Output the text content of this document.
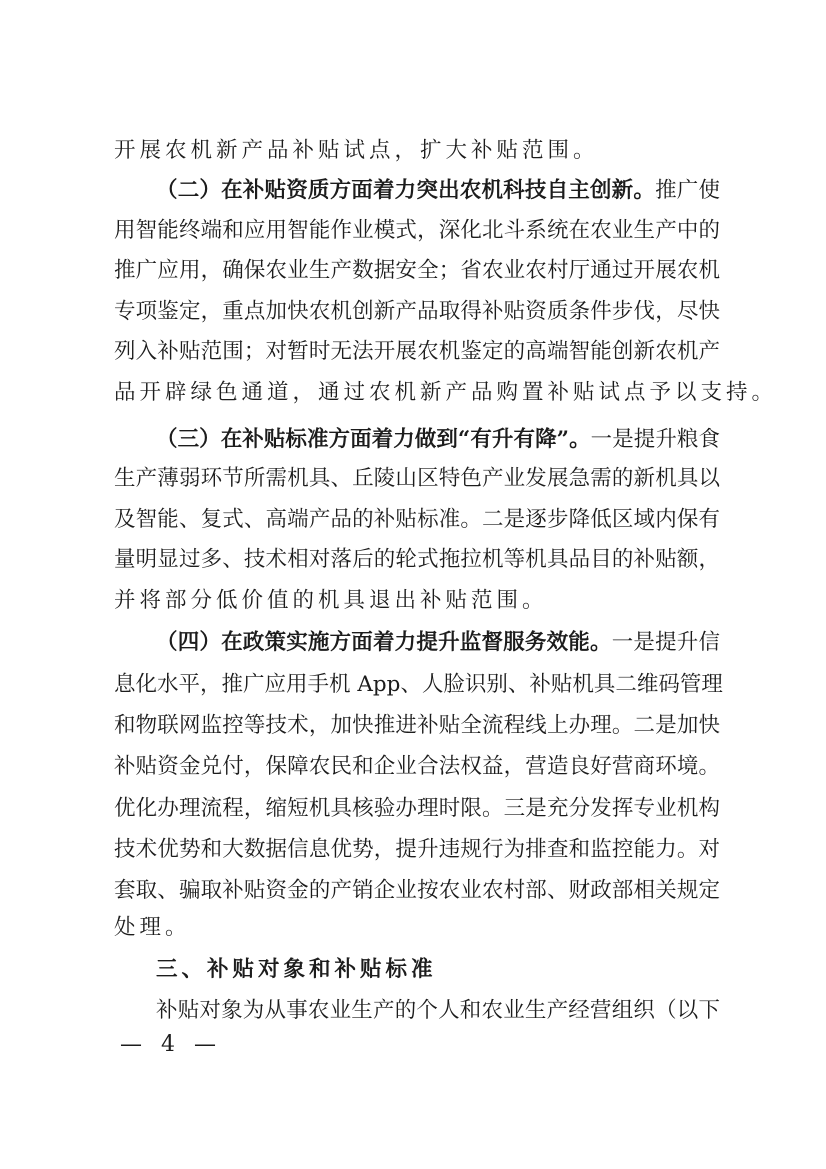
开展农机新产品补贴试点，扩大补贴范围。
（二）在补贴资质方面着力突出农机科技自主创新。推广使
用智能终端和应用智能作业模式，深化北斗系统在农业生产中的
推广应用，确保农业生产数据安全；省农业农村厅通过开展农机
专项鉴定，重点加快农机创新产品取得补贴资质条件步伐，尽快
列入补贴范围；对暂时无法开展农机鉴定的高端智能创新农机产
品开辟绿色通道，通过农机新产品购置补贴试点予以支持。
（三）在补贴标准方面着力做到“有升有降”。一是提升粮食
生产薄弱环节所需机具、丘陵山区特色产业发展急需的新机具以
及智能、复式、高端产品的补贴标准。二是逐步降低区域内保有
量明显过多、技术相对落后的轮式拖拉机等机具品目的补贴额，
并将部分低价值的机具退出补贴范围。
（四）在政策实施方面着力提升监督服务效能。一是提升信
息化水平，推广应用手机 App、人脸识别、补贴机具二维码管理
和物联网监控等技术，加快推进补贴全流程线上办理。二是加快
补贴资金兑付，保障农民和企业合法权益，营造良好营商环境。
优化办理流程，缩短机具核验办理时限。三是充分发挥专业机构
技术优势和大数据信息优势，提升违规行为排查和监控能力。对
套取、骗取补贴资金的产销企业按农业农村部、财政部相关规定
处理。
三、补贴对象和补贴标准
补贴对象为从事农业生产的个人和农业生产经营组织（以下
— 4 —
